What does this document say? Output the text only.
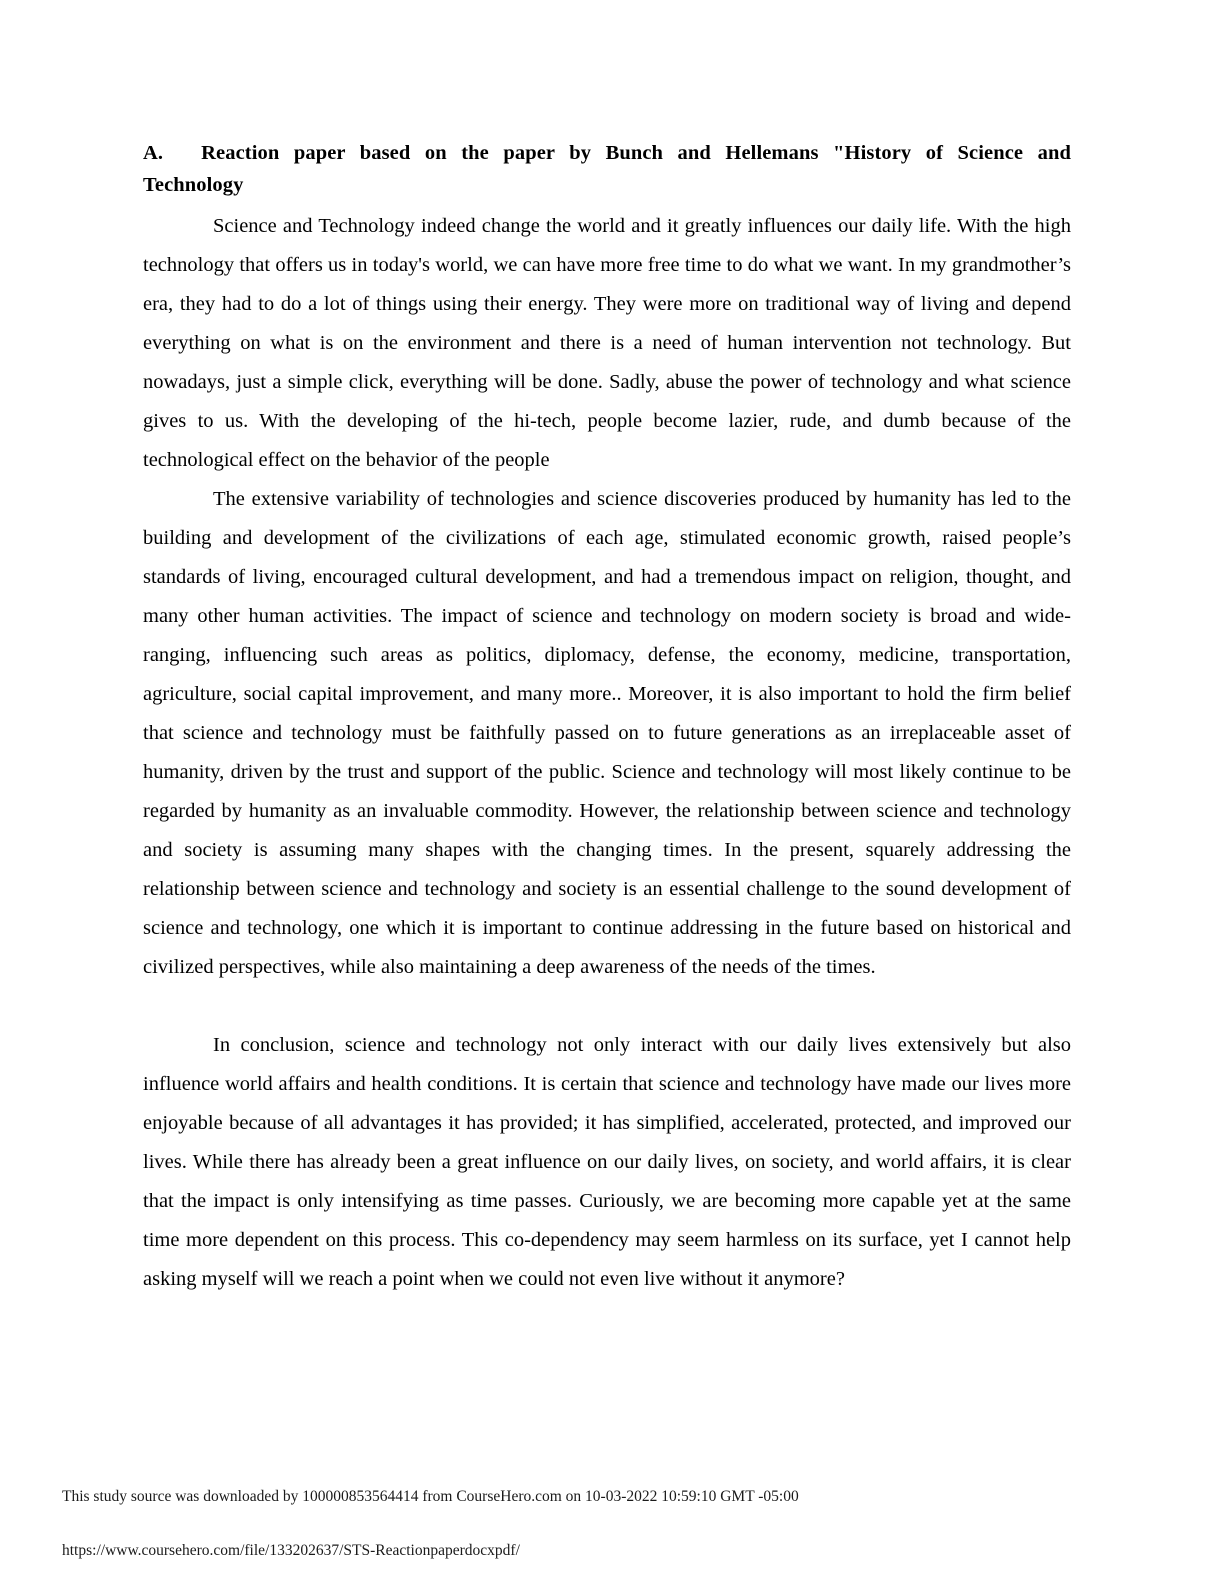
A. Reaction paper based on the paper by Bunch and Hellemans "History of Science and Technology

Science and Technology indeed change the world and it greatly influences our daily life. With the high technology that offers us in today's world, we can have more free time to do what we want. In my grandmother’s era, they had to do a lot of things using their energy. They were more on traditional way of living and depend everything on what is on the environment and there is a need of human intervention not technology. But nowadays, just a simple click, everything will be done. Sadly, abuse the power of technology and what science gives to us. With the developing of the hi-tech, people become lazier, rude, and dumb because of the technological effect on the behavior of the people

The extensive variability of technologies and science discoveries produced by humanity has led to the building and development of the civilizations of each age, stimulated economic growth, raised people’s standards of living, encouraged cultural development, and had a tremendous impact on religion, thought, and many other human activities. The impact of science and technology on modern society is broad and wide-ranging, influencing such areas as politics, diplomacy, defense, the economy, medicine, transportation, agriculture, social capital improvement, and many more.. Moreover, it is also important to hold the firm belief that science and technology must be faithfully passed on to future generations as an irreplaceable asset of humanity, driven by the trust and support of the public. Science and technology will most likely continue to be regarded by humanity as an invaluable commodity. However, the relationship between science and technology and society is assuming many shapes with the changing times. In the present, squarely addressing the relationship between science and technology and society is an essential challenge to the sound development of science and technology, one which it is important to continue addressing in the future based on historical and civilized perspectives, while also maintaining a deep awareness of the needs of the times.

In conclusion, science and technology not only interact with our daily lives extensively but also influence world affairs and health conditions. It is certain that science and technology have made our lives more enjoyable because of all advantages it has provided; it has simplified, accelerated, protected, and improved our lives. While there has already been a great influence on our daily lives, on society, and world affairs, it is clear that the impact is only intensifying as time passes. Curiously, we are becoming more capable yet at the same time more dependent on this process. This co-dependency may seem harmless on its surface, yet I cannot help asking myself will we reach a point when we could not even live without it anymore?

This study source was downloaded by 100000853564414 from CourseHero.com on 10-03-2022 10:59:10 GMT -05:00
https://www.coursehero.com/file/133202637/STS-Reactionpaperdocxpdf/
